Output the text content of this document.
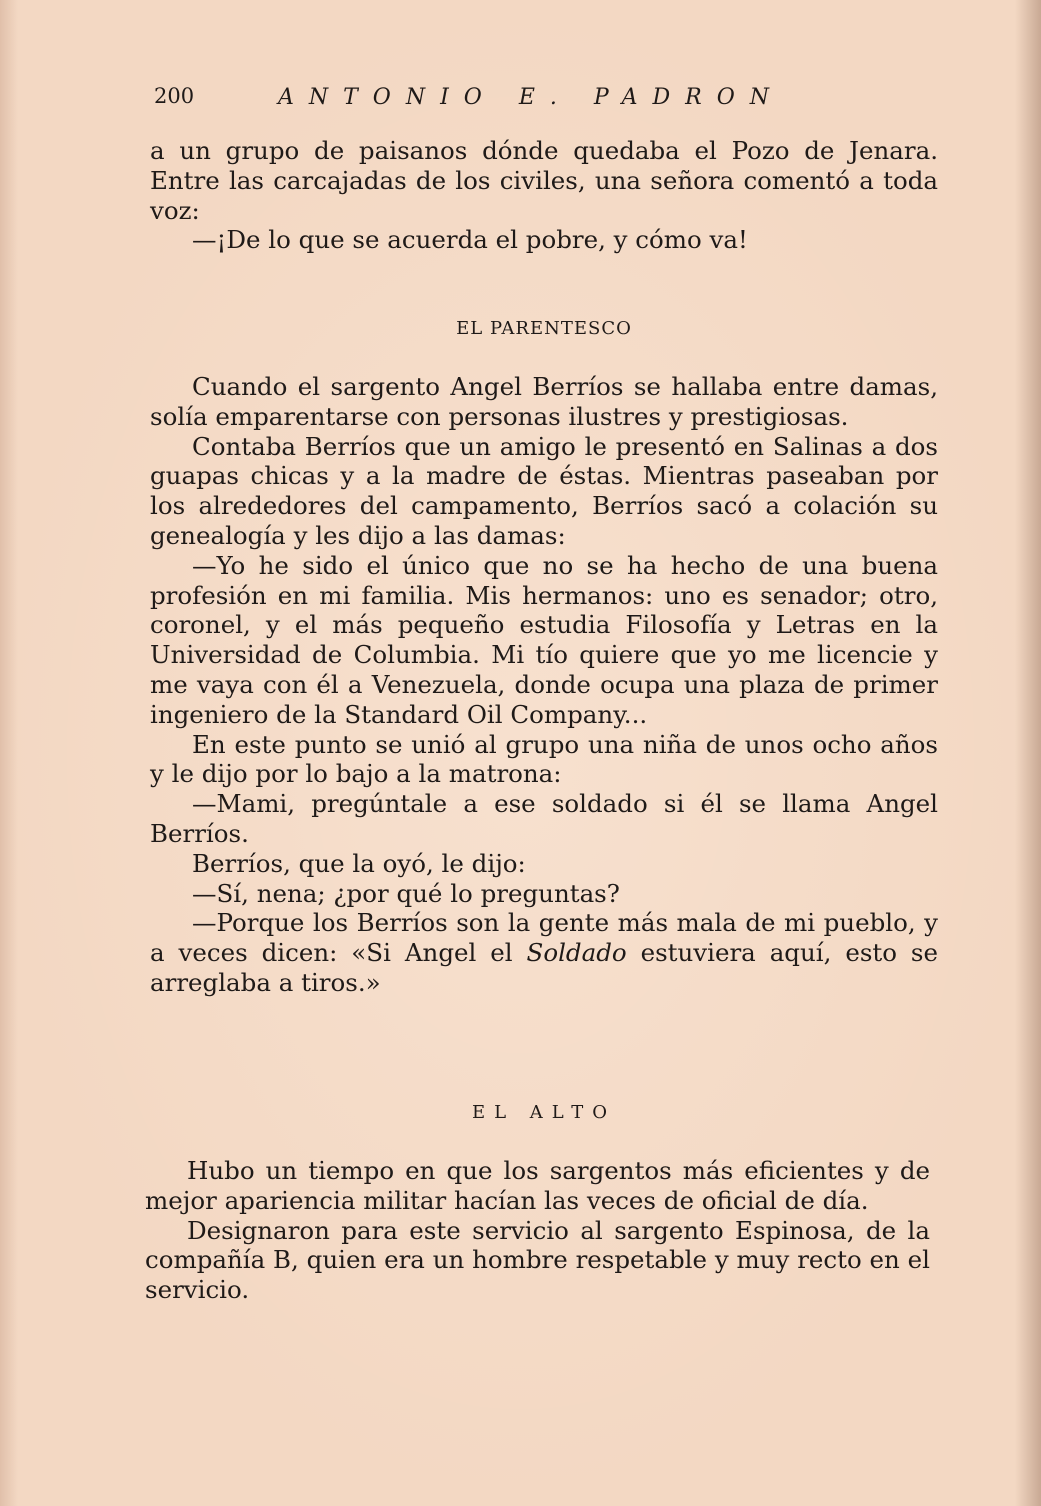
200	ANTONIO E. PADRON

a un grupo de paisanos dónde quedaba el Pozo de Jenara. Entre las carcajadas de los civiles, una señora comentó a toda voz:

—¡De lo que se acuerda el pobre, y cómo va!

EL PARENTESCO

Cuando el sargento Angel Berríos se hallaba entre damas, solía emparentarse con personas ilustres y prestigiosas.

Contaba Berríos que un amigo le presentó en Salinas a dos guapas chicas y a la madre de éstas. Mientras paseaban por los alrededores del campamento, Berríos sacó a colación su genealogía y les dijo a las damas:

—Yo he sido el único que no se ha hecho de una buena profesión en mi familia. Mis hermanos: uno es senador; otro, coronel, y el más pequeño estudia Filosofía y Letras en la Universidad de Columbia. Mi tío quiere que yo me licencie y me vaya con él a Venezuela, donde ocupa una plaza de primer ingeniero de la Standard Oil Company...

En este punto se unió al grupo una niña de unos ocho años y le dijo por lo bajo a la matrona:

—Mami, pregúntale a ese soldado si él se llama Angel Berríos.

Berríos, que la oyó, le dijo:

—Sí, nena; ¿por qué lo preguntas?

—Porque los Berríos son la gente más mala de mi pueblo, y a veces dicen: «Si Angel el Soldado estuviera aquí, esto se arreglaba a tiros.»

EL ALTO

Hubo un tiempo en que los sargentos más eficientes y de mejor apariencia militar hacían las veces de oficial de día.

Designaron para este servicio al sargento Espinosa, de la compañía B, quien era un hombre respetable y muy recto en el servicio.
